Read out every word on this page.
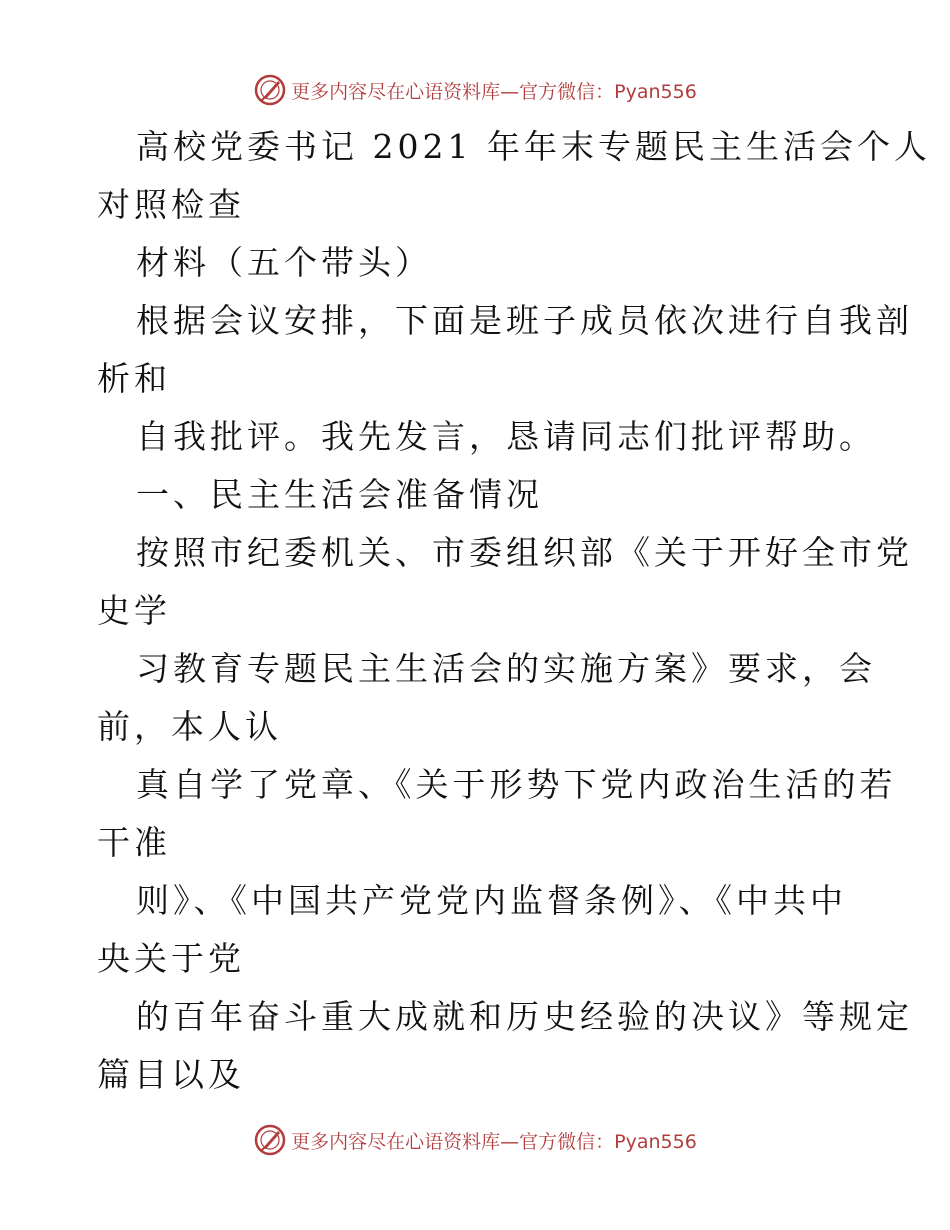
更多内容尽在心语资料库—官方微信：Pyan556
高校党委书记 2021 年年末专题民主生活会个人
对照检查
材料（五个带头）
根据会议安排，下面是班子成员依次进行自我剖
析和
自我批评。我先发言，恳请同志们批评帮助。
一、民主生活会准备情况
按照市纪委机关、市委组织部《关于开好全市党
史学
习教育专题民主生活会的实施方案》要求，会
前，本人认
真自学了党章、《关于形势下党内政治生活的若
干准
则》、《中国共产党党内监督条例》、《中共中
央关于党
的百年奋斗重大成就和历史经验的决议》等规定
篇目以及
更多内容尽在心语资料库—官方微信：Pyan556
